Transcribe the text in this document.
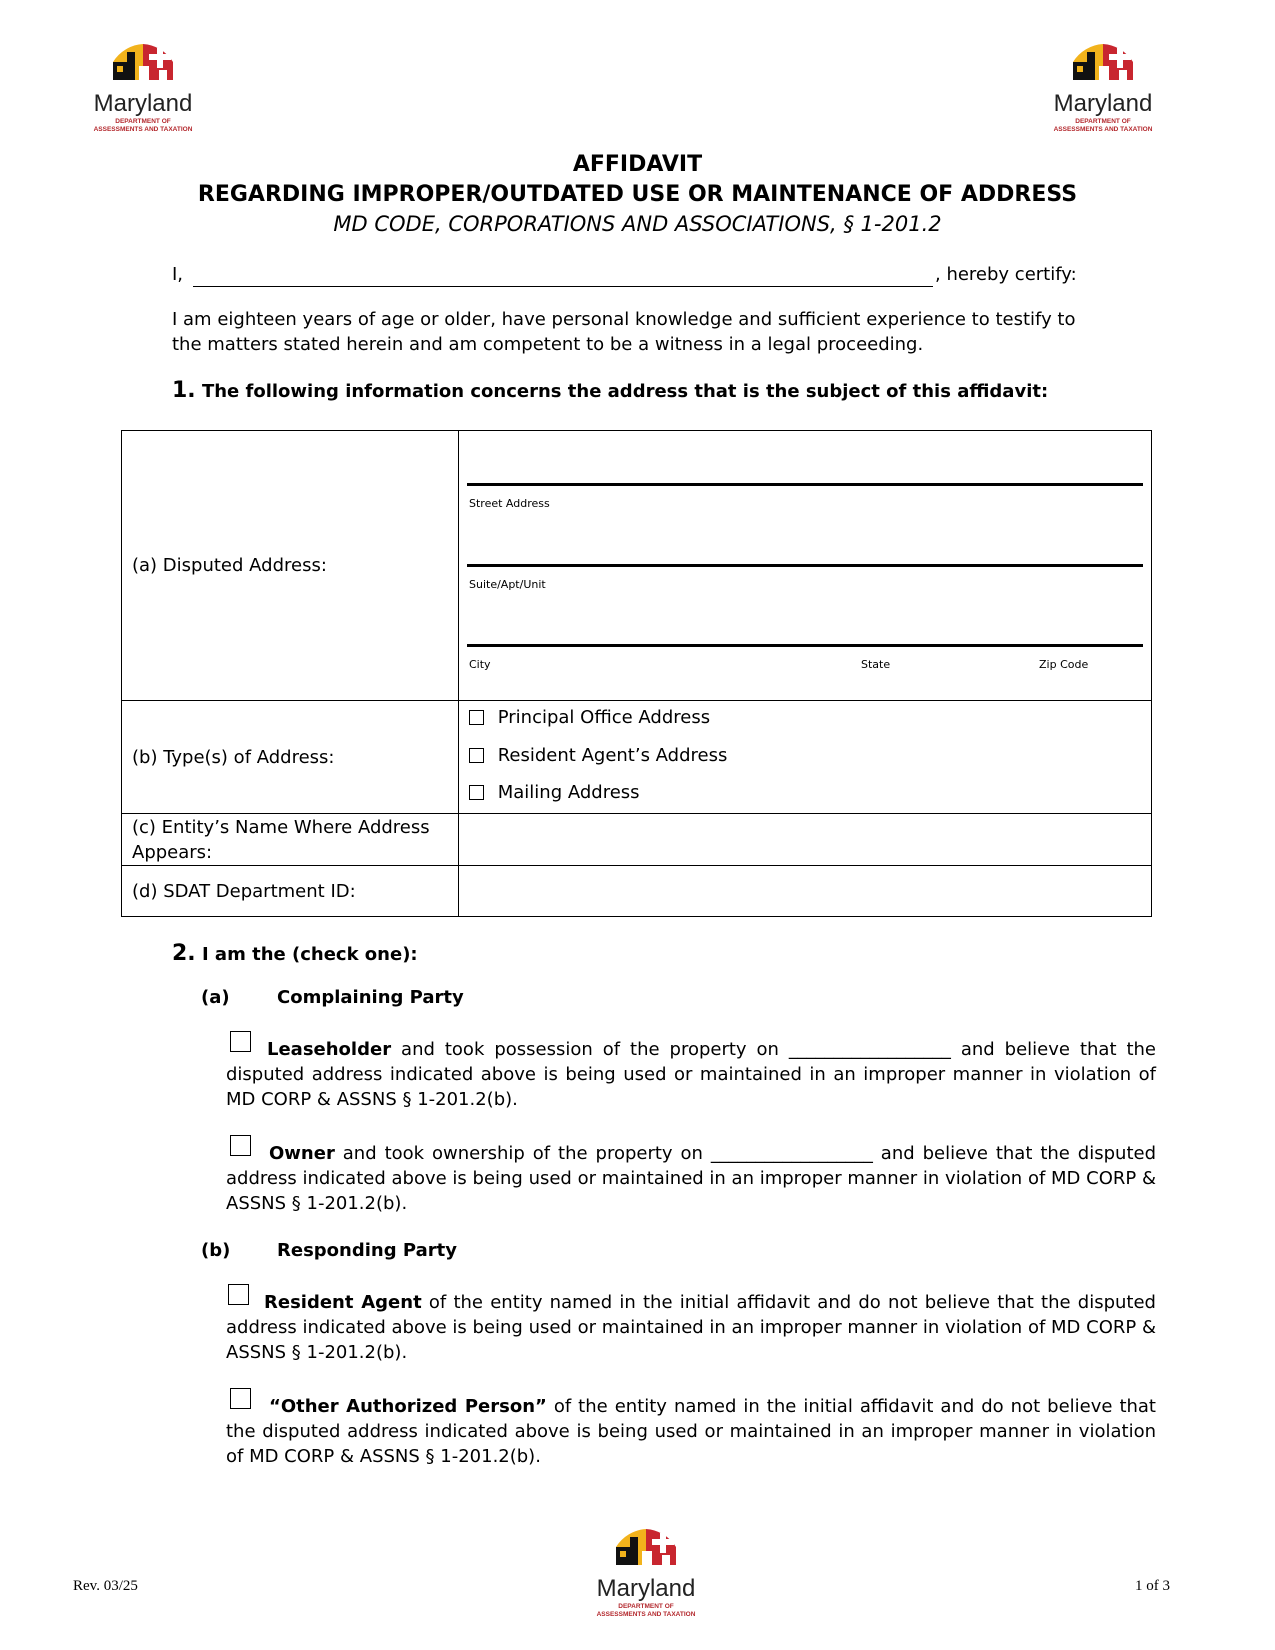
Maryland
DEPARTMENT OF
ASSESSMENTS AND TAXATION
Maryland
DEPARTMENT OF
ASSESSMENTS AND TAXATION
AFFIDAVIT
REGARDING IMPROPER/OUTDATED USE OR MAINTENANCE OF ADDRESS
MD CODE, CORPORATIONS AND ASSOCIATIONS, § 1-201.2
I,	, hereby certify:
I am eighteen years of age or older, have personal knowledge and sufficient experience to testify to the matters stated herein and am competent to be a witness in a legal proceeding.
1. The following information concerns the address that is the subject of this affidavit:
(a) Disputed Address:	Street Address
Suite/Apt/Unit
City State Zip Code

(b) Type(s) of Address:	Principal Office Address
Resident Agent’s Address
Mailing Address

(c) Entity’s Name Where Address Appears:	
(d) SDAT Department ID:	
2. I am the (check one):
(a)	Complaining Party
Leaseholder and took possession of the property on __________________ and believe that the disputed address indicated above is being used or maintained in an improper manner in violation of MD CORP & ASSNS § 1-201.2(b).
Owner and took ownership of the property on __________________ and believe that the disputed address indicated above is being used or maintained in an improper manner in violation of MD CORP & ASSNS § 1-201.2(b).
(b)	Responding Party
Resident Agent of the entity named in the initial affidavit and do not believe that the disputed address indicated above is being used or maintained in an improper manner in violation of MD CORP & ASSNS § 1-201.2(b).
“Other Authorized Person” of the entity named in the initial affidavit and do not believe that the disputed address indicated above is being used or maintained in an improper manner in violation of MD CORP & ASSNS § 1-201.2(b).
Rev. 03/25	Maryland
DEPARTMENT OF
ASSESSMENTS AND TAXATION
1 of 3
